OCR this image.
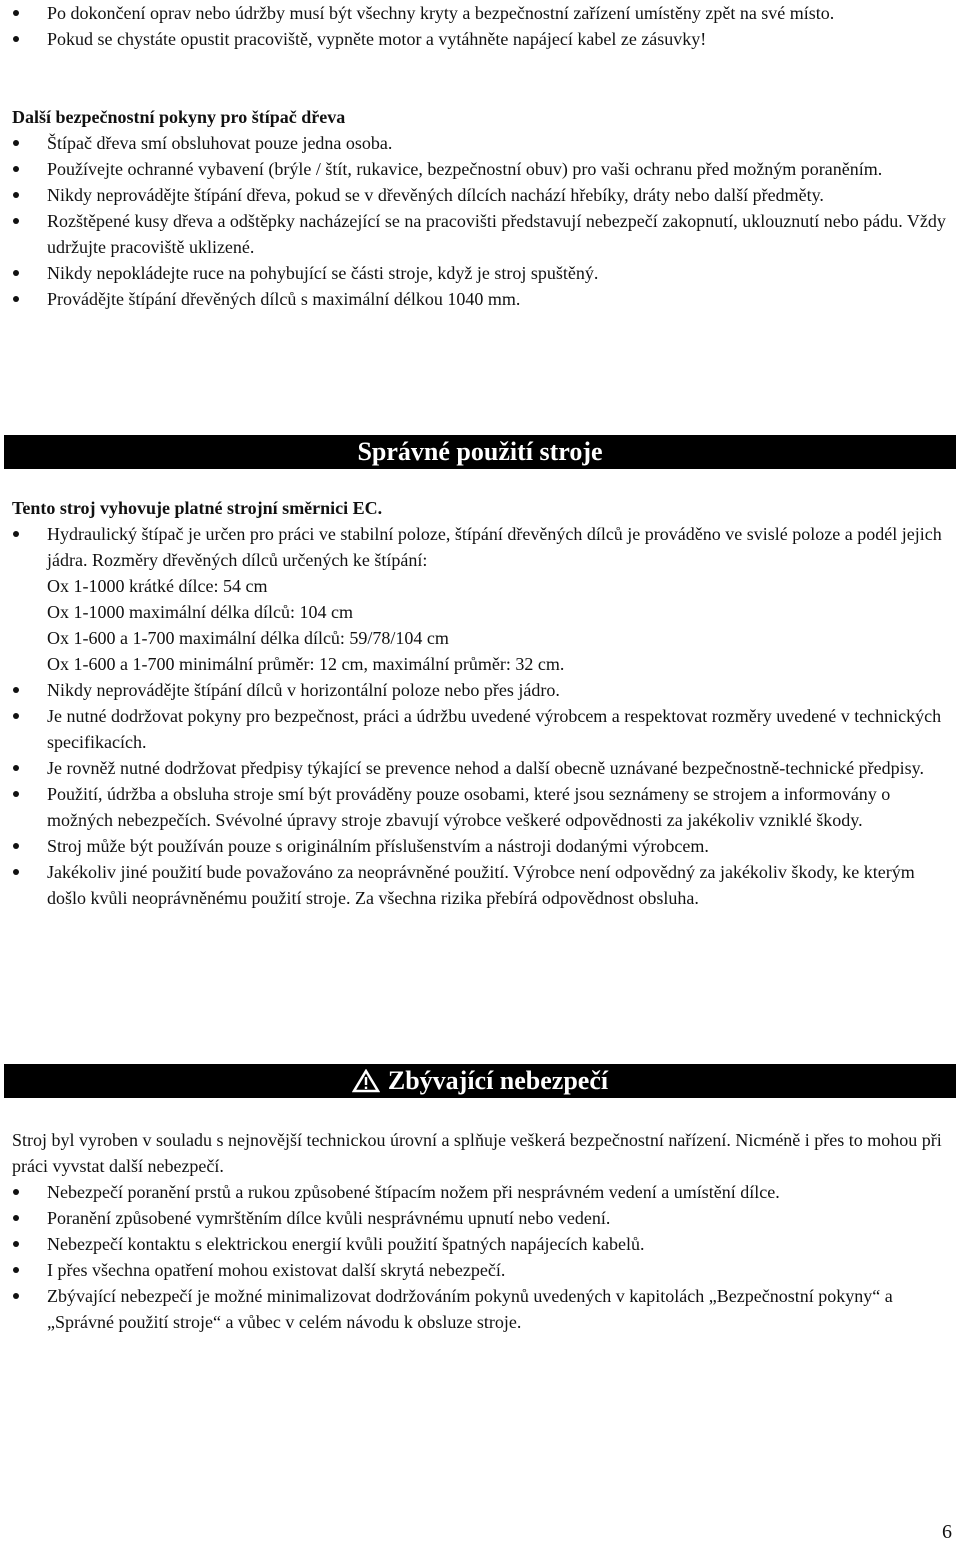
Po dokončení oprav nebo údržby musí být všechny kryty a bezpečnostní zařízení umístěny zpět na své místo.
Pokud se chystáte opustit pracoviště, vypněte motor a vytáhněte napájecí kabel ze zásuvky!
Další bezpečnostní pokyny pro štípač dřeva
Štípač dřeva smí obsluhovat pouze jedna osoba.
Používejte ochranné vybavení (brýle / štít, rukavice, bezpečnostní obuv) pro vaši ochranu před možným poraněním.
Nikdy neprovádějte štípání dřeva, pokud se v dřevěných dílcích nachází hřebíky, dráty nebo další předměty.
Rozštěpené kusy dřeva a odštěpky nacházející se na pracovišti představují nebezpečí zakopnutí, uklouznutí nebo pádu. Vždy udržujte pracoviště uklizené.
Nikdy nepokládejte ruce na pohybující se části stroje, když je stroj spuštěný.
Provádějte štípání dřevěných dílců s maximální délkou 1040 mm.
Správné použití stroje
Tento stroj vyhovuje platné strojní směrnici EC.
Hydraulický štípač je určen pro práci ve stabilní poloze, štípání dřevěných dílců je prováděno ve svislé poloze a podél jejich jádra. Rozměry dřevěných dílců určených ke štípání:
Ox 1-1000 krátké dílce: 54 cm
Ox 1-1000 maximální délka dílců: 104 cm
Ox 1-600 a 1-700 maximální délka dílců: 59/78/104 cm
Ox 1-600 a 1-700 minimální průměr: 12 cm, maximální průměr: 32 cm.
Nikdy neprovádějte štípání dílců v horizontální poloze nebo přes jádro.
Je nutné dodržovat pokyny pro bezpečnost, práci a údržbu uvedené výrobcem a respektovat rozměry uvedené v technických specifikacích.
Je rovněž nutné dodržovat předpisy týkající se prevence nehod a další obecně uznávané bezpečnostně-technické předpisy.
Použití, údržba a obsluha stroje smí být prováděny pouze osobami, které jsou seznámeny se strojem a informovány o možných nebezpečích. Svévolné úpravy stroje zbavují výrobce veškeré odpovědnosti za jakékoliv vzniklé škody.
Stroj může být používán pouze s originálním příslušenstvím a nástroji dodanými výrobcem.
Jakékoliv jiné použití bude považováno za neoprávněné použití. Výrobce není odpovědný za jakékoliv škody, ke kterým došlo kvůli neoprávněnému použití stroje. Za všechna rizika přebírá odpovědnost obsluha.
Zbývající nebezpečí
Stroj byl vyroben v souladu s nejnovější technickou úrovní a splňuje veškerá bezpečnostní nařízení. Nicméně i přes to mohou při práci vyvstat další nebezpečí.
Nebezpečí poranění prstů a rukou způsobené štípacím nožem při nesprávném vedení a umístění dílce.
Poranění způsobené vymrštěním dílce kvůli nesprávnému upnutí nebo vedení.
Nebezpečí kontaktu s elektrickou energií kvůli použití špatných napájecích kabelů.
I přes všechna opatření mohou existovat další skrytá nebezpečí.
Zbývající nebezpečí je možné minimalizovat dodržováním pokynů uvedených v kapitolách „Bezpečnostní pokyny“ a „Správné použití stroje“ a vůbec v celém návodu k obsluze stroje.
6
